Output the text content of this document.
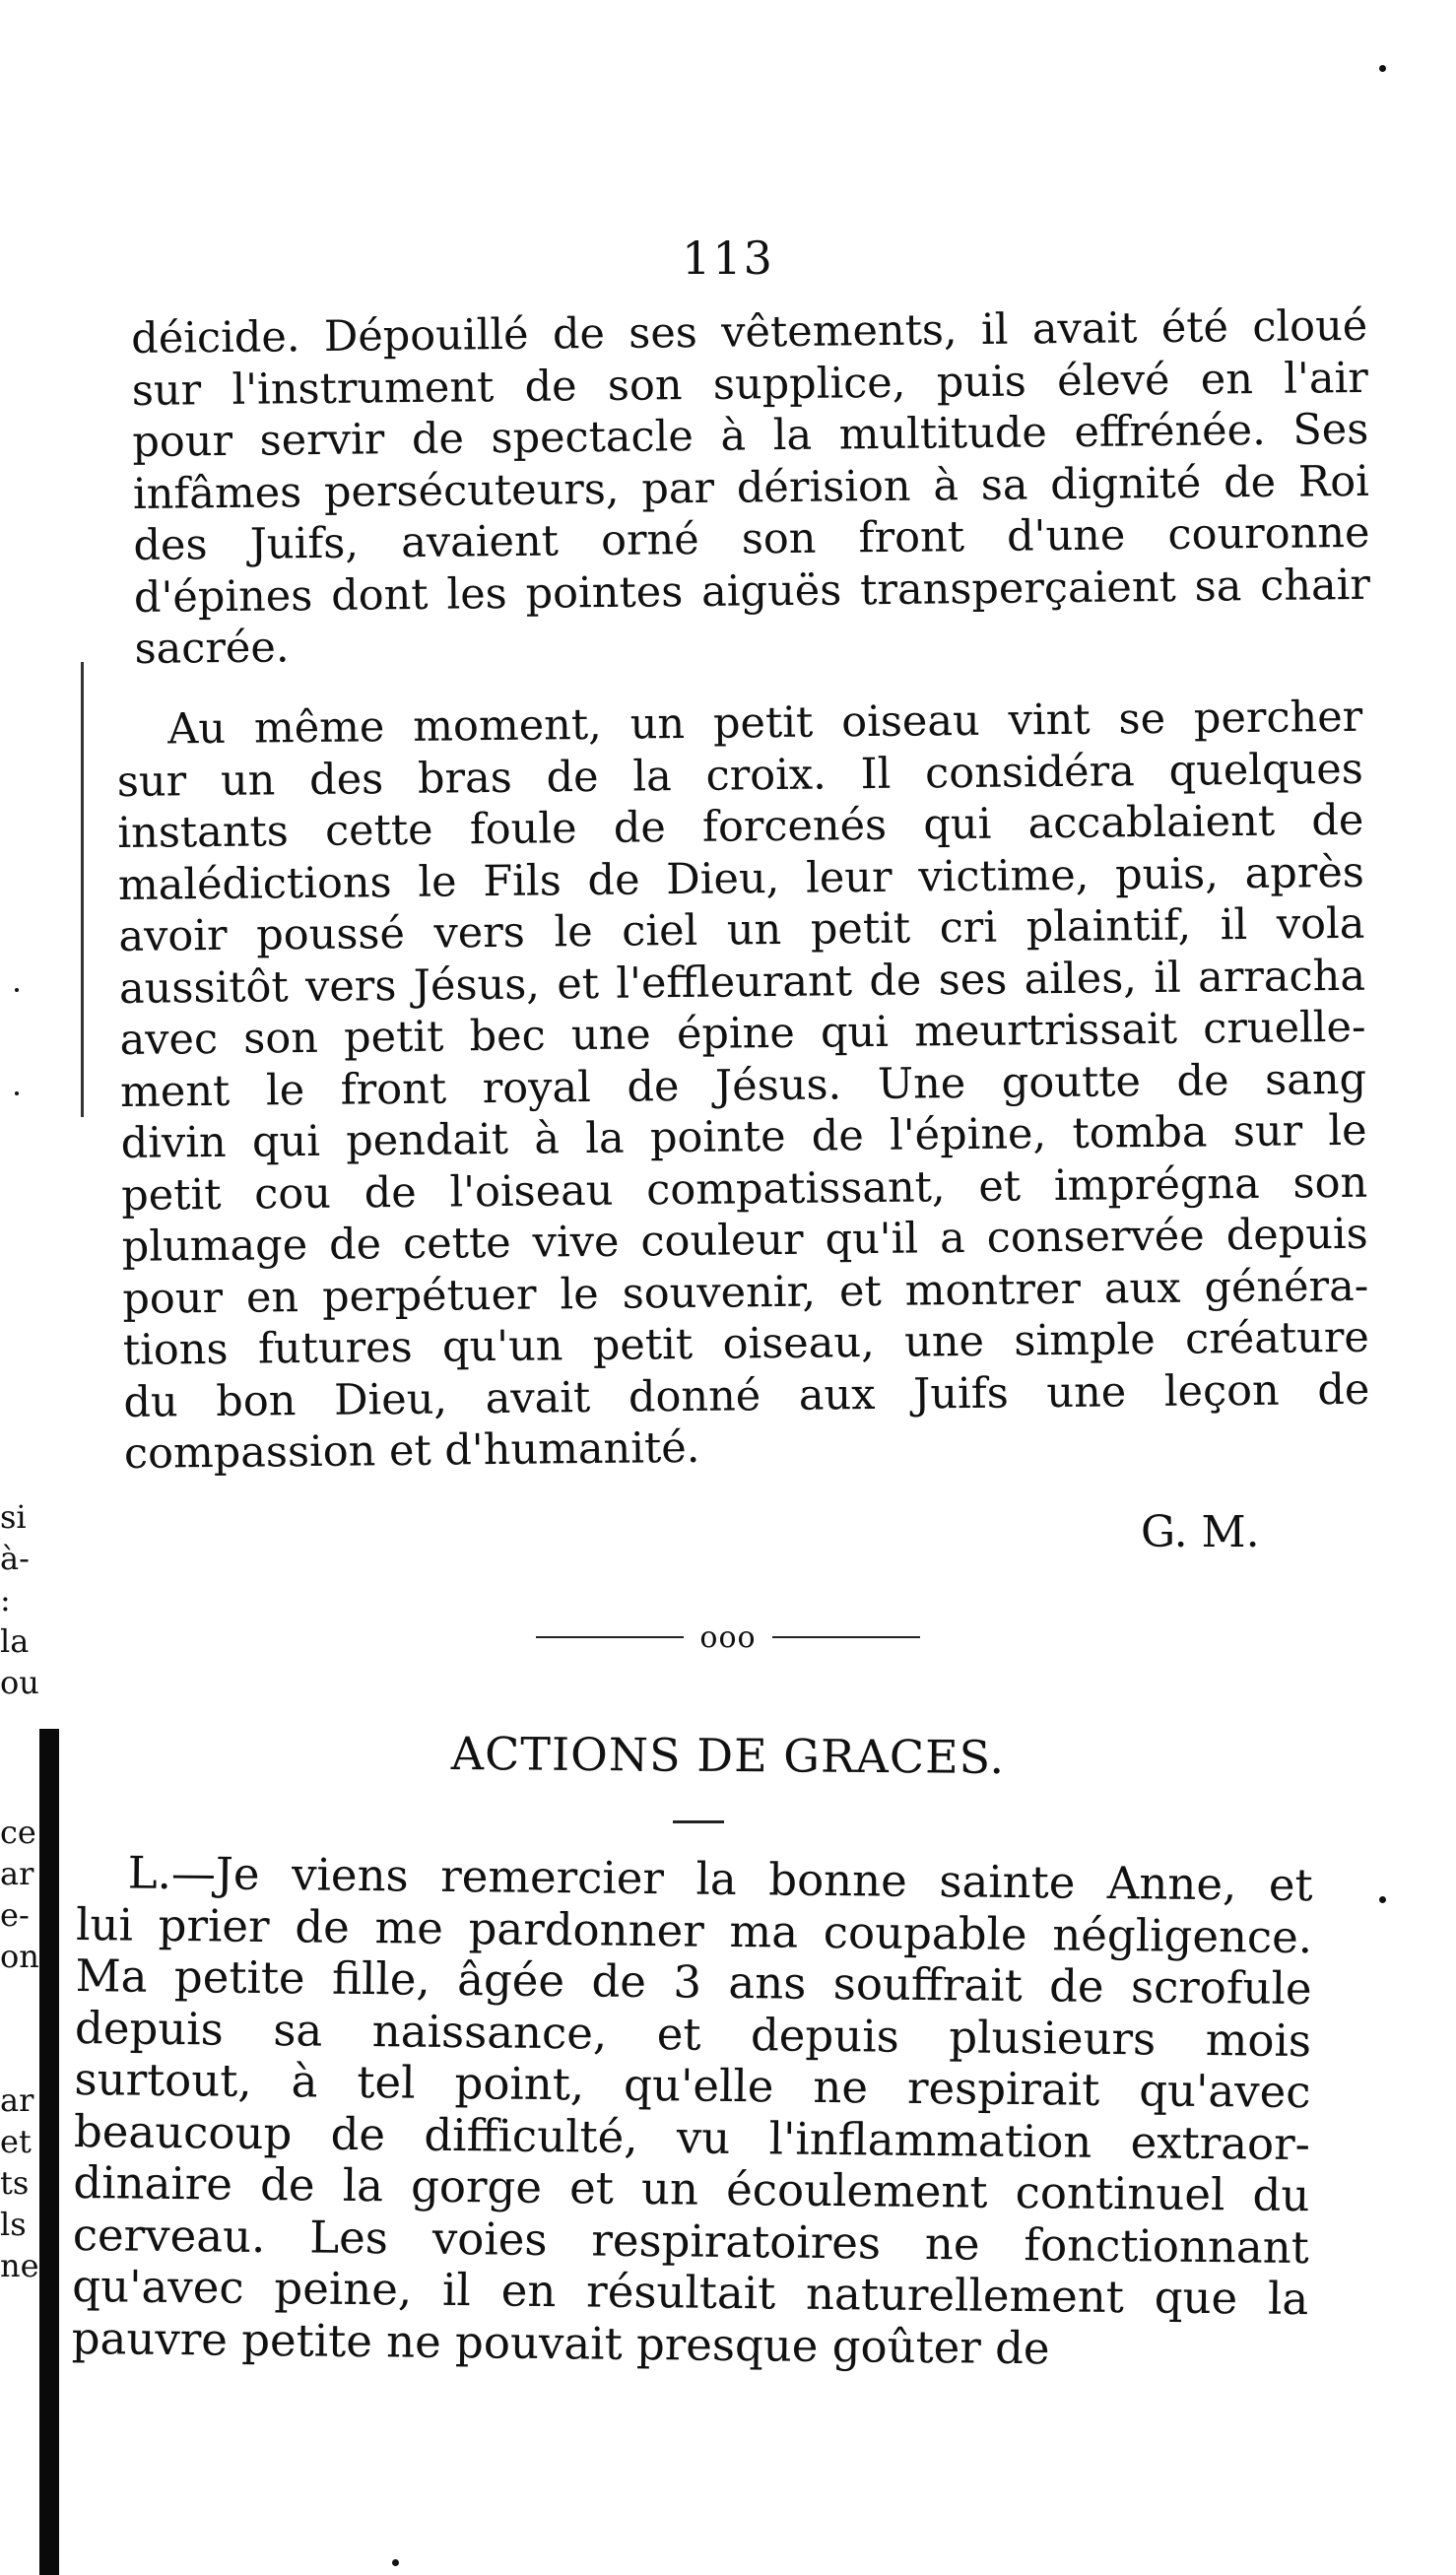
113

déicide. Dépouillé de ses vêtements, il avait été cloué
sur l'instrument de son supplice, puis élevé en l'air
pour servir de spectacle à la multitude effrénée. Ses
infâmes persécuteurs, par dérision à sa dignité de Roi
des Juifs, avaient orné son front d'une couronne
d'épines dont les pointes aiguës transperçaient sa chair
sacrée.

Au même moment, un petit oiseau vint se percher
sur un des bras de la croix. Il considéra quelques
instants cette foule de forcenés qui accablaient de
malédictions le Fils de Dieu, leur victime, puis, après
avoir poussé vers le ciel un petit cri plaintif, il vola
aussitôt vers Jésus, et l'effleurant de ses ailes, il arracha
avec son petit bec une épine qui meurtrissait cruelle-
ment le front royal de Jésus. Une goutte de sang
divin qui pendait à la pointe de l'épine, tomba sur le
petit cou de l'oiseau compatissant, et imprégna son
plumage de cette vive couleur qu'il a conservée depuis
pour en perpétuer le souvenir, et montrer aux généra-
tions futures qu'un petit oiseau, une simple créature
du bon Dieu, avait donné aux Juifs une leçon de
compassion et d'humanité.

G. M.
ooo
ACTIONS DE GRACES.

L.—Je viens remercier la bonne sainte Anne, et
lui prier de me pardonner ma coupable négligence.
Ma petite fille, âgée de 3 ans souffrait de scrofule
depuis sa naissance, et depuis plusieurs mois
surtout, à tel point, qu'elle ne respirait qu'avec
beaucoup de difficulté, vu l'inflammation extraor-
dinaire de la gorge et un écoulement continuel du
cerveau. Les voies respiratoires ne fonctionnant
qu'avec peine, il en résultait naturellement que la
pauvre petite ne pouvait presque goûter de

si
à-
:
la
ou
ce
ar
e-
on
ar
et
ts
ls
ne
